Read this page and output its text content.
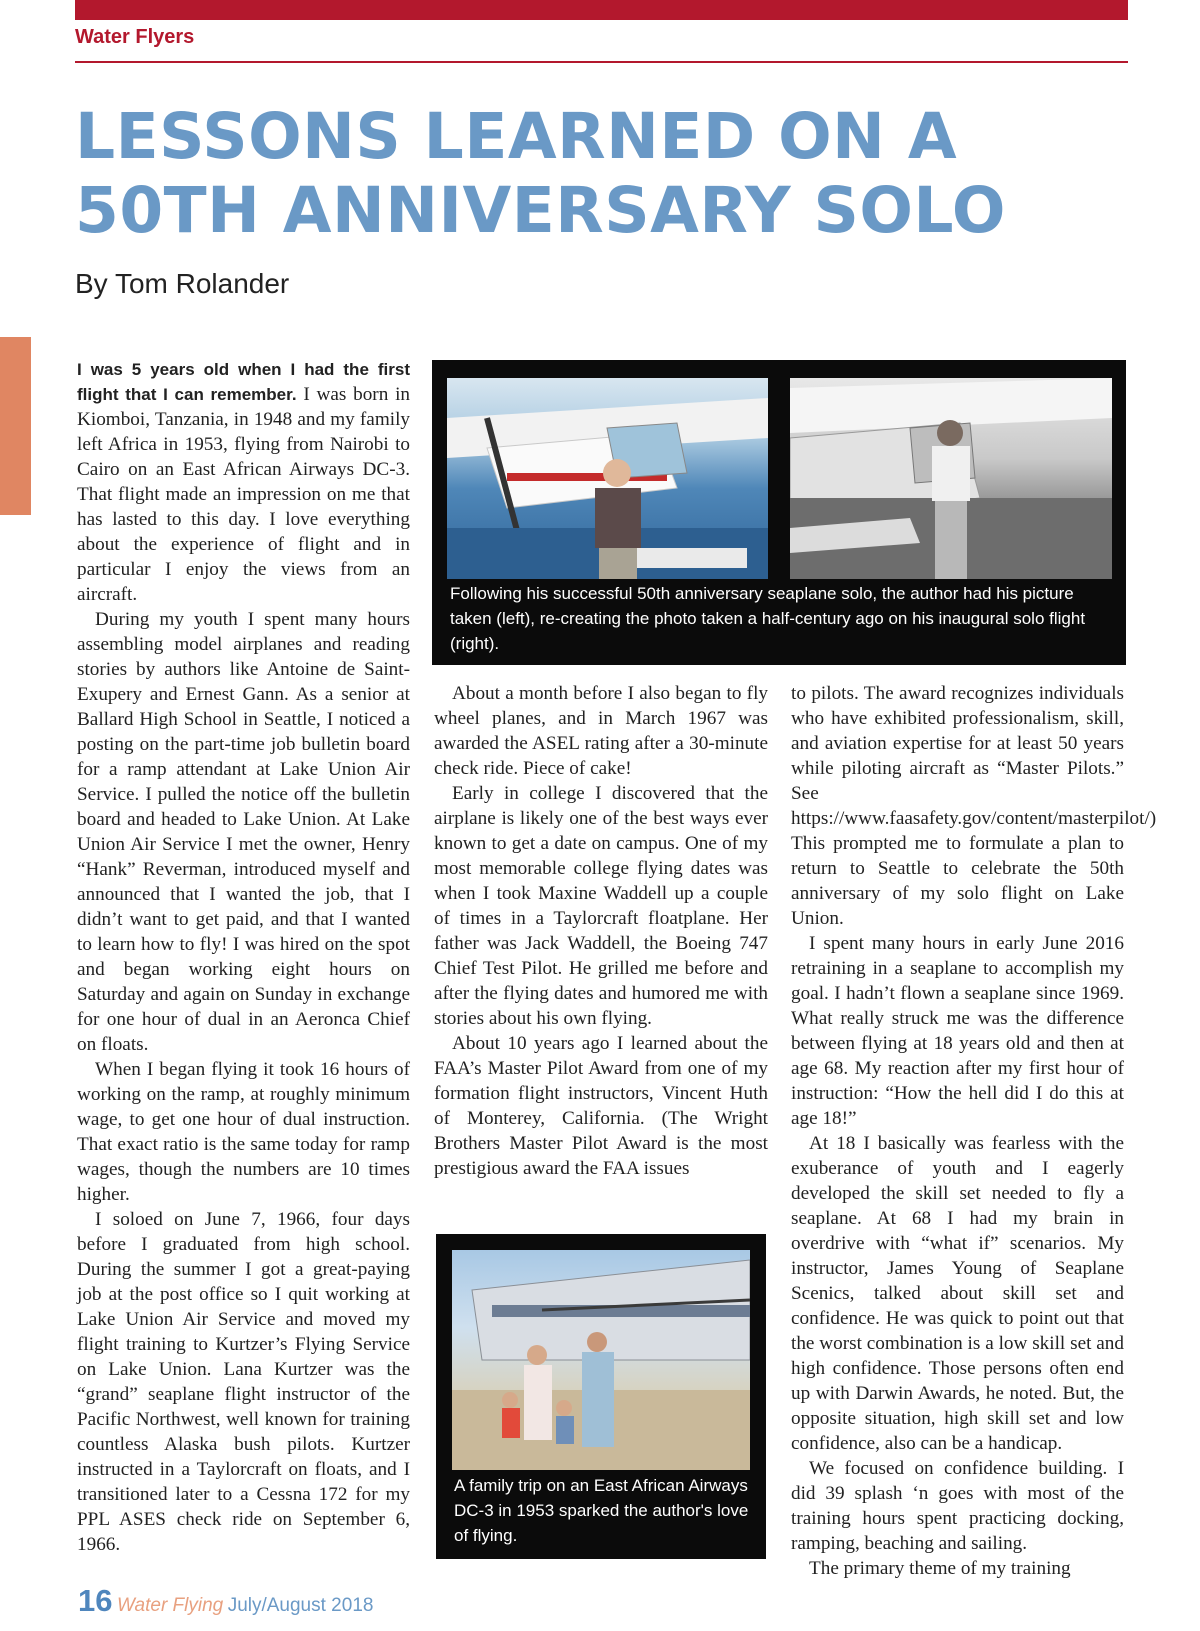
Water Flyers
LESSONS LEARNED ON A
50TH ANNIVERSARY SOLO
By Tom Rolander

I was 5 years old when I had the first flight that I can remember. I was born in Kiomboi, Tanzania, in 1948 and my family left Africa in 1953, flying from Nairobi to Cairo on an East African Airways DC-3. That flight made an impression on me that has lasted to this day. I love everything about the experience of flight and in particular I enjoy the views from an aircraft.

During my youth I spent many hours assembling model airplanes and reading stories by authors like Antoine de Saint-Exupery and Ernest Gann. As a senior at Ballard High School in Seattle, I noticed a posting on the part-time job bulletin board for a ramp attendant at Lake Union Air Service. I pulled the notice off the bulletin board and headed to Lake Union. At Lake Union Air Service I met the owner, Henry “Hank” Reverman, introduced myself and announced that I wanted the job, that I didn’t want to get paid, and that I wanted to learn how to fly! I was hired on the spot and began working eight hours on Saturday and again on Sunday in exchange for one hour of dual in an Aeronca Chief on floats.

When I began flying it took 16 hours of working on the ramp, at roughly minimum wage, to get one hour of dual instruction. That exact ratio is the same today for ramp wages, though the numbers are 10 times higher.

I soloed on June 7, 1966, four days before I graduated from high school. During the summer I got a great-paying job at the post office so I quit working at Lake Union Air Service and moved my flight training to Kurtzer’s Flying Service on Lake Union. Lana Kurtzer was the “grand” seaplane flight instructor of the Pacific Northwest, well known for training countless Alaska bush pilots. Kurtzer instructed in a Taylorcraft on floats, and I transitioned later to a Cessna 172 for my PPL ASES check ride on September 6, 1966.

Following his successful 50th anniversary seaplane solo, the author had his picture taken (left), re-creating the photo taken a half-century ago on his inaugural solo flight (right).

About a month before I also began to fly wheel planes, and in March 1967 was awarded the ASEL rating after a 30-minute check ride. Piece of cake!

Early in college I discovered that the airplane is likely one of the best ways ever known to get a date on campus. One of my most memorable college flying dates was when I took Maxine Waddell up a couple of times in a Taylorcraft floatplane. Her father was Jack Waddell, the Boeing 747 Chief Test Pilot. He grilled me before and after the flying dates and humored me with stories about his own flying.

About 10 years ago I learned about the FAA’s Master Pilot Award from one of my formation flight instructors, Vincent Huth of Monterey, California. (The Wright Brothers Master Pilot Award is the most prestigious award the FAA issues

A family trip on an East African Airways DC-3 in 1953 sparked the author's love of flying.

to pilots. The award recognizes individuals who have exhibited professionalism, skill, and aviation expertise for at least 50 years while piloting aircraft as “Master Pilots.” See https://www.faasafety.gov/content/masterpilot/) This prompted me to formulate a plan to return to Seattle to celebrate the 50th anniversary of my solo flight on Lake Union.

I spent many hours in early June 2016 retraining in a seaplane to accomplish my goal. I hadn’t flown a seaplane since 1969. What really struck me was the difference between flying at 18 years old and then at age 68. My reaction after my first hour of instruction: “How the hell did I do this at age 18!”

At 18 I basically was fearless with the exuberance of youth and I eagerly developed the skill set needed to fly a seaplane. At 68 I had my brain in overdrive with “what if” scenarios. My instructor, James Young of Seaplane Scenics, talked about skill set and confidence. He was quick to point out that the worst combination is a low skill set and high confidence. Those persons often end up with Darwin Awards, he noted. But, the opposite situation, high skill set and low confidence, also can be a handicap.

We focused on confidence building. I did 39 splash ‘n goes with most of the training hours spent practicing docking, ramping, beaching and sailing.

The primary theme of my training

16 Water Flying July/August 2018
